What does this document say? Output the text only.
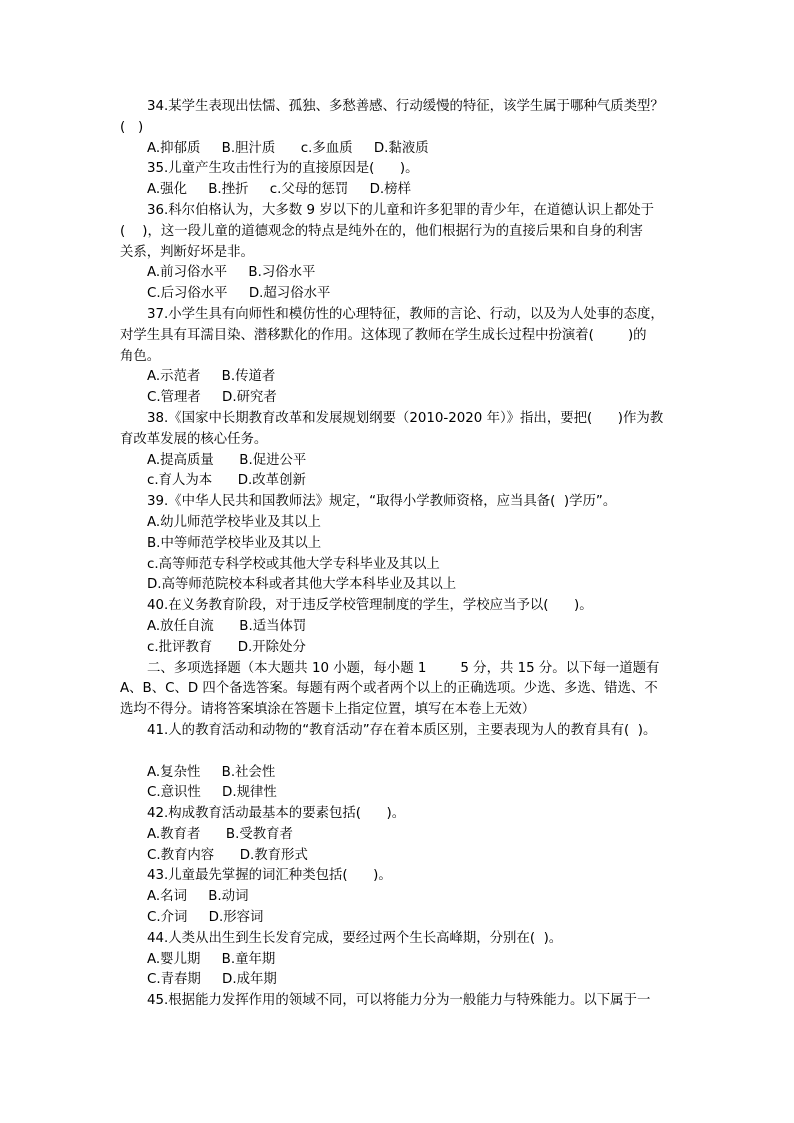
34.某学生表现出怯懦、孤独、多愁善感、行动缓慢的特征，该学生属于哪种气质类型？
(   )
A.抑郁质     B.胆汁质      c.多血质     D.黏液质
35.儿童产生攻击性行为的直接原因是(      )。
A.强化     B.挫折     c.父母的惩罚     D.榜样
36.科尔伯格认为，大多数 9 岁以下的儿童和许多犯罪的青少年，在道德认识上都处于
(    )，这一段儿童的道德观念的特点是纯外在的，他们根据行为的直接后果和自身的利害
关系，判断好坏是非。
A.前习俗水平     B.习俗水平
C.后习俗水平     D.超习俗水平
37.小学生具有向师性和模仿性的心理特征，教师的言论、行动，以及为人处事的态度，
对学生具有耳濡目染、潜移默化的作用。这体现了教师在学生成长过程中扮演着(        )的
角色。
A.示范者     B.传道者
C.管理者     D.研究者
38.《国家中长期教育改革和发展规划纲要（2010-2020 年）》指出，要把(      )作为教
育改革发展的核心任务。
A.提高质量      B.促进公平
c.育人为本      D.改革创新
39.《中华人民共和国教师法》规定，“取得小学教师资格，应当具备(  )学历”。
A.幼儿师范学校毕业及其以上
B.中等师范学校毕业及其以上
c.高等师范专科学校或其他大学专科毕业及其以上
D.高等师范院校本科或者其他大学本科毕业及其以上
40.在义务教育阶段，对于违反学校管理制度的学生，学校应当予以(      )。
A.放任自流      B.适当体罚
c.批评教育      D.开除处分
二、多项选择题（本大题共 10 小题，每小题 1        5 分，共 15 分。以下每一道题有
A、B、C、D 四个备选答案。每题有两个或者两个以上的正确选项。少选、多选、错选、不
选均不得分。请将答案填涂在答题卡上指定位置，填写在本卷上无效）
41.人的教育活动和动物的“教育活动”存在着本质区别，主要表现为人的教育具有(  )。
A.复杂性     B.社会性
C.意识性     D.规律性
42.构成教育活动最基本的要素包括(      )。
A.教育者      B.受教育者
C.教育内容      D.教育形式
43.儿童最先掌握的词汇种类包括(      )。
A.名词     B.动词
C.介词     D.形容词
44.人类从出生到生长发育完成，要经过两个生长高峰期，分别在(  )。
A.婴儿期     B.童年期
C.青春期     D.成年期
45.根据能力发挥作用的领域不同，可以将能力分为一般能力与特殊能力。以下属于一
